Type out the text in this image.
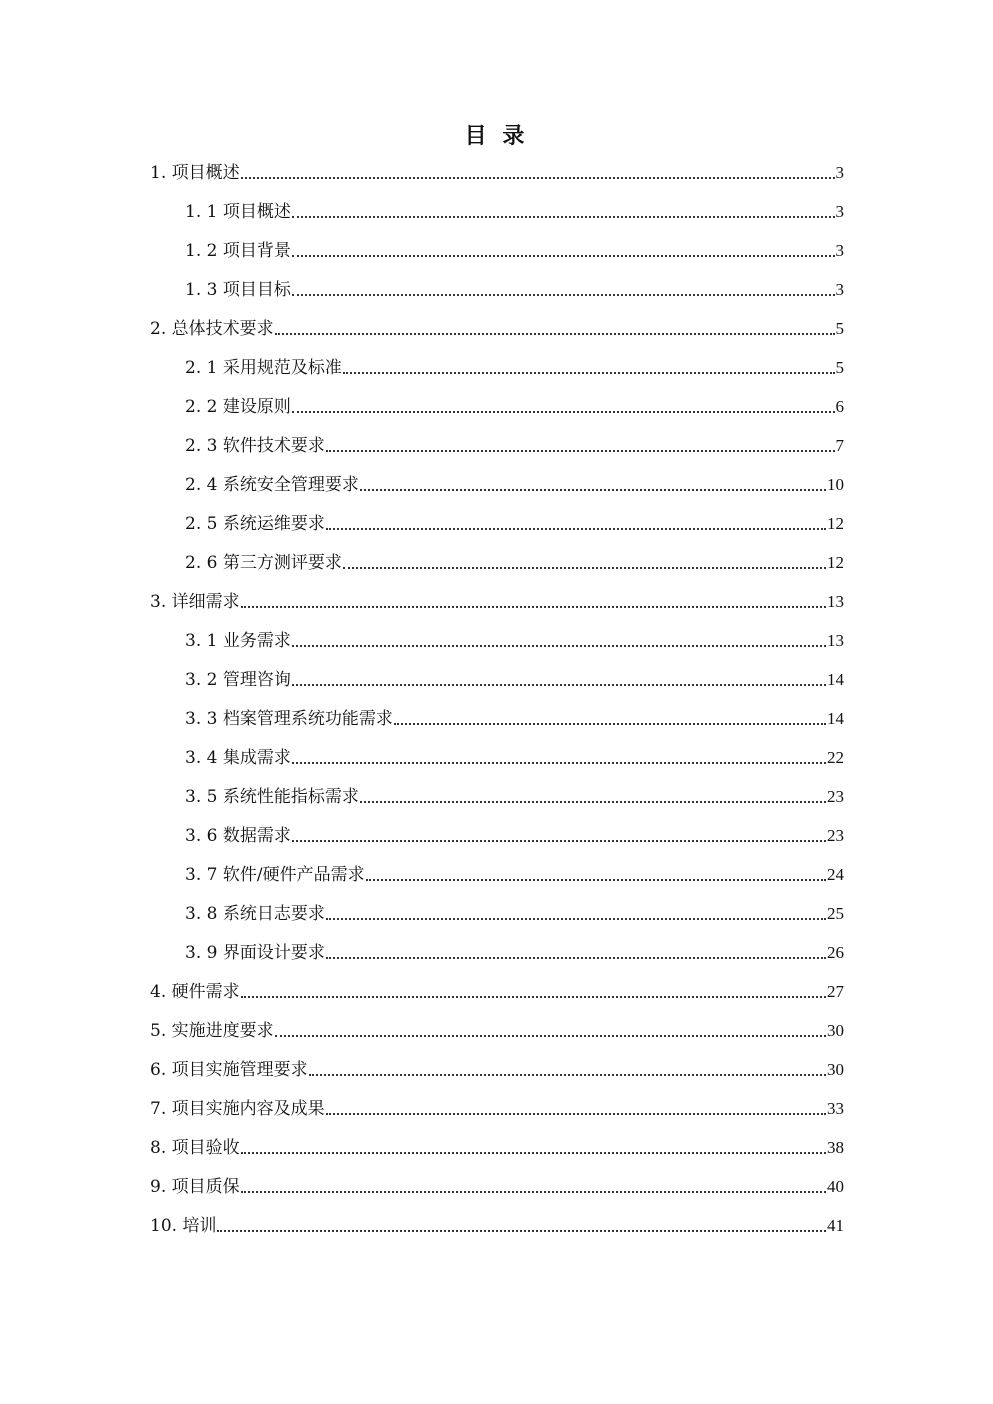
目 录
1. 项目概述	3
1. 1 项目概述	3
1. 2 项目背景	3
1. 3 项目目标	3
2. 总体技术要求	5
2. 1 采用规范及标准	5
2. 2 建设原则	6
2. 3 软件技术要求	7
2. 4 系统安全管理要求	10
2. 5 系统运维要求	12
2. 6 第三方测评要求	12
3. 详细需求	13
3. 1 业务需求	13
3. 2 管理咨询	14
3. 3 档案管理系统功能需求	14
3. 4 集成需求	22
3. 5 系统性能指标需求	23
3. 6 数据需求	23
3. 7 软件/硬件产品需求	24
3. 8 系统日志要求	25
3. 9 界面设计要求	26
4. 硬件需求	27
5. 实施进度要求	30
6. 项目实施管理要求	30
7. 项目实施内容及成果	33
8. 项目验收	38
9. 项目质保	40
10. 培训	41
